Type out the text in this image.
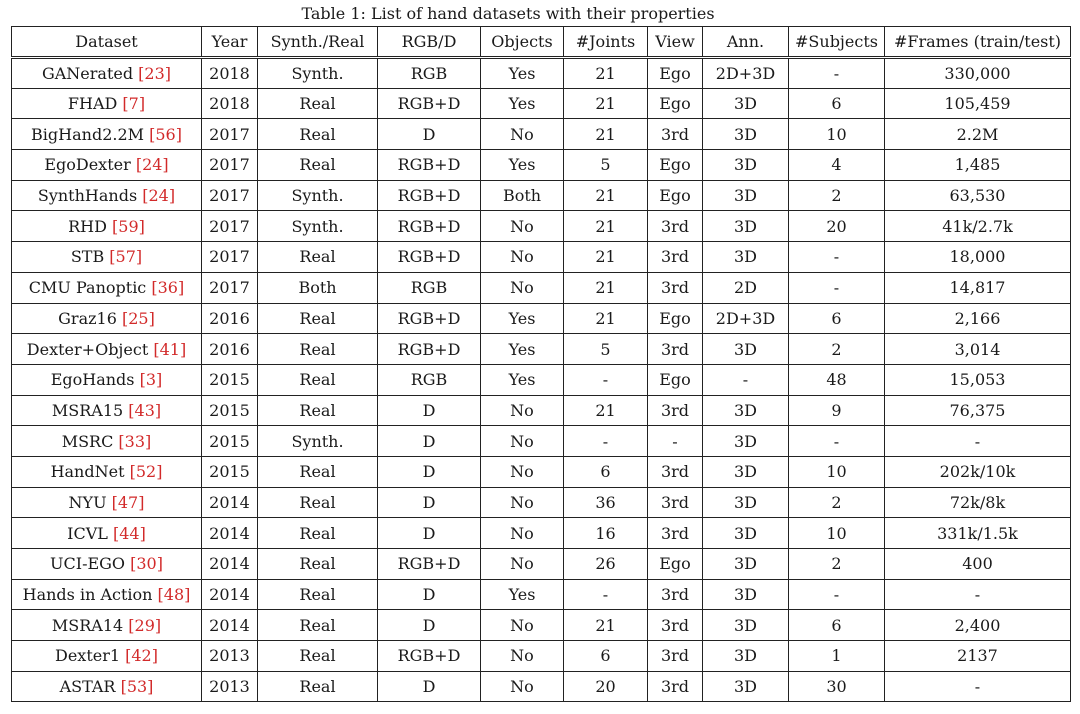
Table 1: List of hand datasets with their properties
Dataset	Year	Synth./Real	RGB/D	Objects	#Joints	View	Ann.	#Subjects	#Frames (train/test)
GANerated [23]	2018	Synth.	RGB	Yes	21	Ego	2D+3D	-	330,000
FHAD [7]	2018	Real	RGB+D	Yes	21	Ego	3D	6	105,459
BigHand2.2M [56]	2017	Real	D	No	21	3rd	3D	10	2.2M
EgoDexter [24]	2017	Real	RGB+D	Yes	5	Ego	3D	4	1,485
SynthHands [24]	2017	Synth.	RGB+D	Both	21	Ego	3D	2	63,530
RHD [59]	2017	Synth.	RGB+D	No	21	3rd	3D	20	41k/2.7k
STB [57]	2017	Real	RGB+D	No	21	3rd	3D	-	18,000
CMU Panoptic [36]	2017	Both	RGB	No	21	3rd	2D	-	14,817
Graz16 [25]	2016	Real	RGB+D	Yes	21	Ego	2D+3D	6	2,166
Dexter+Object [41]	2016	Real	RGB+D	Yes	5	3rd	3D	2	3,014
EgoHands [3]	2015	Real	RGB	Yes	-	Ego	-	48	15,053
MSRA15 [43]	2015	Real	D	No	21	3rd	3D	9	76,375
MSRC [33]	2015	Synth.	D	No	-	-	3D	-	-
HandNet [52]	2015	Real	D	No	6	3rd	3D	10	202k/10k
NYU [47]	2014	Real	D	No	36	3rd	3D	2	72k/8k
ICVL [44]	2014	Real	D	No	16	3rd	3D	10	331k/1.5k
UCI-EGO [30]	2014	Real	RGB+D	No	26	Ego	3D	2	400
Hands in Action [48]	2014	Real	D	Yes	-	3rd	3D	-	-
MSRA14 [29]	2014	Real	D	No	21	3rd	3D	6	2,400
Dexter1 [42]	2013	Real	RGB+D	No	6	3rd	3D	1	2137
ASTAR [53]	2013	Real	D	No	20	3rd	3D	30	-
